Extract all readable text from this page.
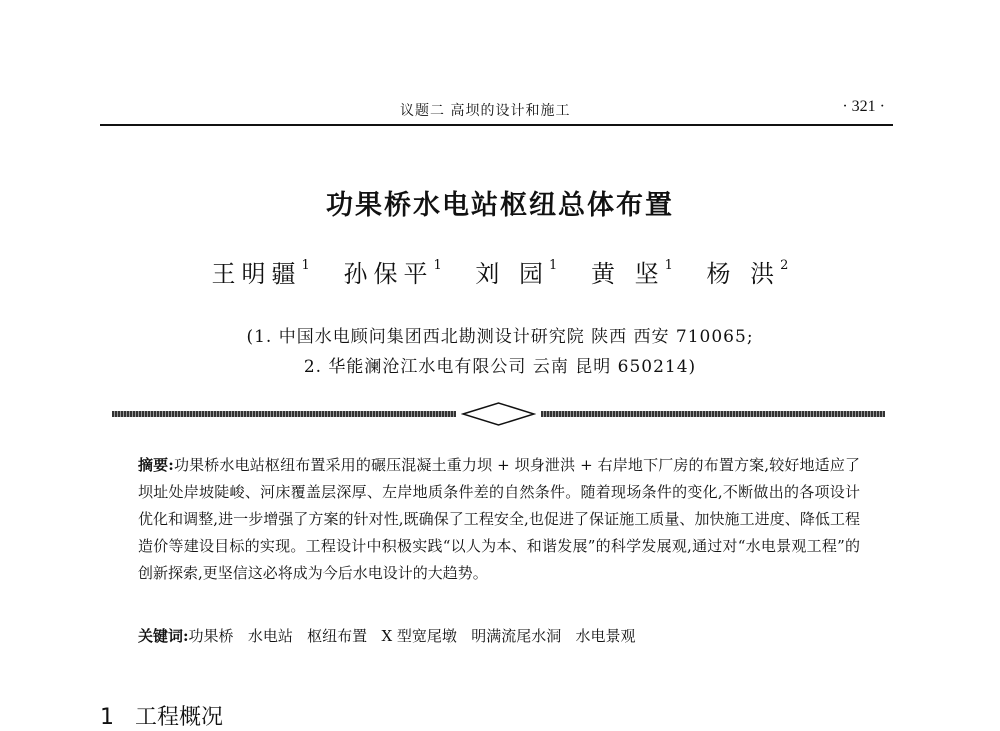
议题二 高坝的设计和施工	· 321 ·
功果桥水电站枢纽总体布置
王明疆$^1$ 孙保平$^1$ 刘 园$^1$ 黄 坚$^1$ 杨 洪$^2$
(1. 中国水电顾问集团西北勘测设计研究院 陕西 西安 710065;
2. 华能澜沧江水电有限公司 云南 昆明 650214)
摘要:功果桥水电站枢纽布置采用的碾压混凝土重力坝 + 坝身泄洪 + 右岸地下厂房的布置方案,较好地适应了坝址处岸坡陡峻、河床覆盖层深厚、左岸地质条件差的自然条件。随着现场条件的变化,不断做出的各项设计优化和调整,进一步增强了方案的针对性,既确保了工程安全,也促进了保证施工质量、加快施工进度、降低工程造价等建设目标的实现。工程设计中积极实践“以人为本、和谐发展”的科学发展观,通过对“水电景观工程”的创新探索,更坚信这必将成为今后水电设计的大趋势。
关键词:功果桥   水电站   枢纽布置   X 型宽尾墩   明满流尾水洞   水电景观
1   工程概况
